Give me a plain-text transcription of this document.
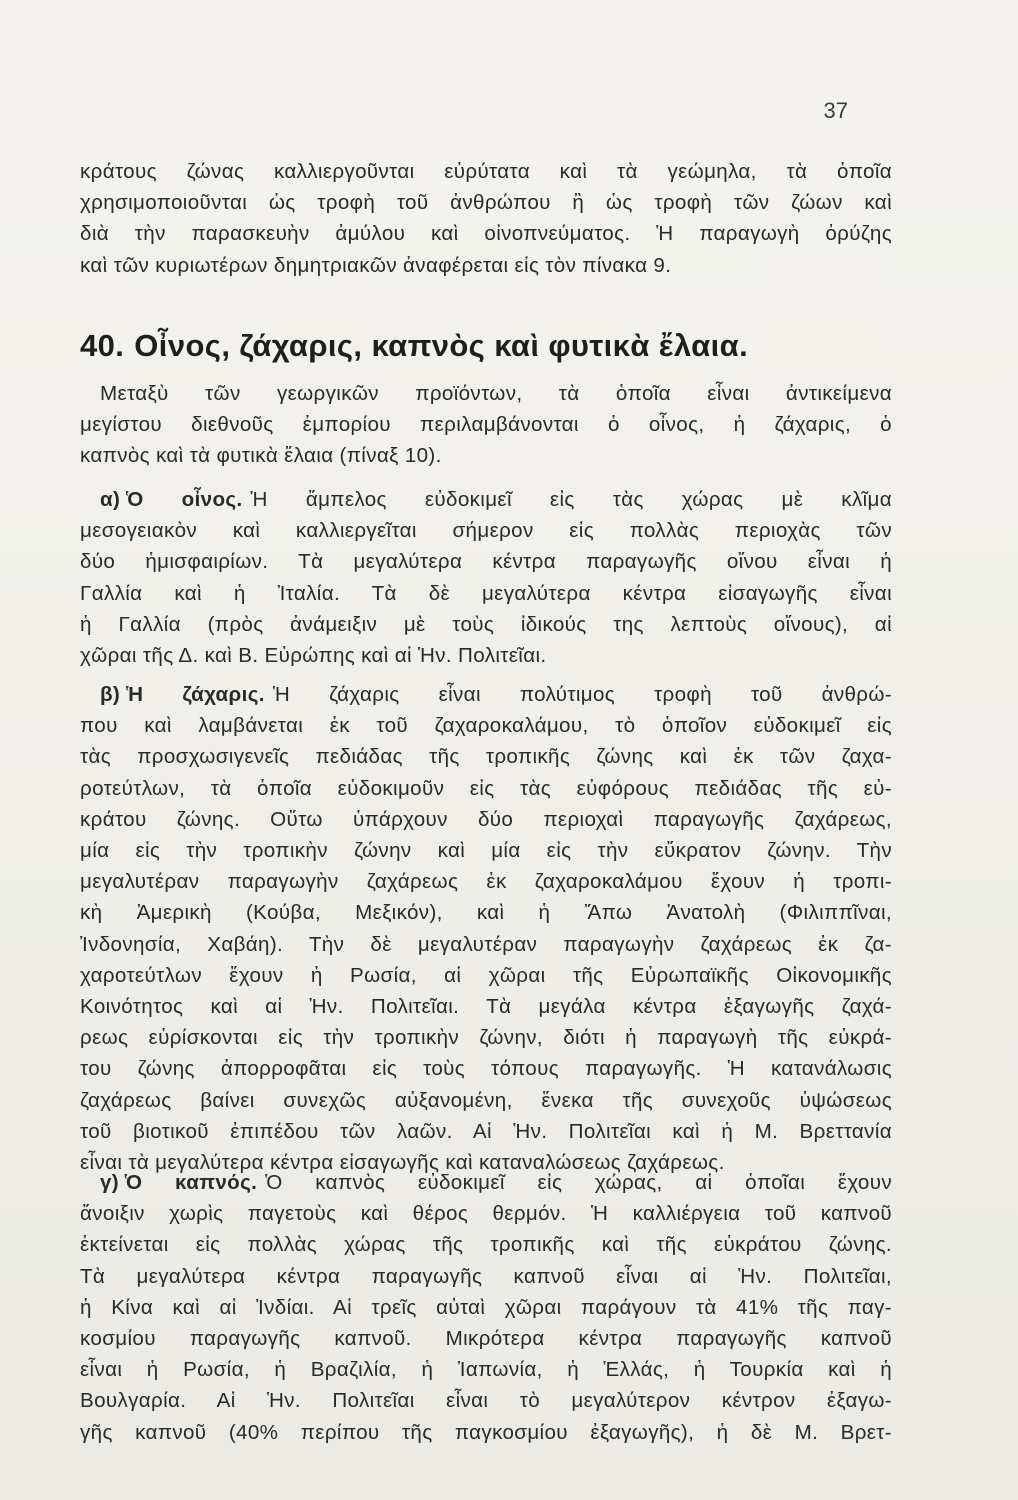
37
κράτους ζώνας καλλιεργοῦνται εὐρύτατα καὶ τὰ γεώμηλα, τὰ ὁποῖα
χρησιμοποιοῦνται ὡς τροφὴ τοῦ ἀνθρώπου ἢ ὡς τροφὴ τῶν ζώων καὶ
διὰ τὴν παρασκευὴν ἀμύλου καὶ οἰνοπνεύματος. Ἡ παραγωγὴ ὀρύζης
καὶ τῶν κυριωτέρων δημητριακῶν ἀναφέρεται εἰς τὸν πίνακα 9.
40. Οἶνος, ζάχαρις, καπνὸς καὶ φυτικὰ ἔλαια.
Μεταξὺ τῶν γεωργικῶν προϊόντων, τὰ ὁποῖα εἶναι ἀντικείμενα
μεγίστου διεθνοῦς ἐμπορίου περιλαμβάνονται ὁ οἶνος, ἡ ζάχαρις, ὁ
καπνὸς καὶ τὰ φυτικὰ ἔλαια (πίναξ 10).
α) Ὁ οἶνος. Ἡ ἄμπελος εὐδοκιμεῖ εἰς τὰς χώρας μὲ κλῖμα
μεσογειακὸν καὶ καλλιεργεῖται σήμερον εἰς πολλὰς περιοχὰς τῶν
δύο ἡμισφαιρίων. Τὰ μεγαλύτερα κέντρα παραγωγῆς οἴνου εἶναι ἡ
Γαλλία καὶ ἡ Ἰταλία. Τὰ δὲ μεγαλύτερα κέντρα εἰσαγωγῆς εἶναι
ἡ Γαλλία (πρὸς ἀνάμειξιν μὲ τοὺς ἰδικούς της λεπτοὺς οἴνους), αἱ
χῶραι τῆς Δ. καὶ Β. Εὐρώπης καὶ αἱ Ἡν. Πολιτεῖαι.
β) Ἡ ζάχαρις. Ἡ ζάχαρις εἶναι πολύτιμος τροφὴ τοῦ ἀνθρώ-
που καὶ λαμβάνεται ἐκ τοῦ ζαχαροκαλάμου, τὸ ὁποῖον εὐδοκιμεῖ εἰς
τὰς προσχωσιγενεῖς πεδιάδας τῆς τροπικῆς ζώνης καὶ ἐκ τῶν ζαχα-
ροτεύτλων, τὰ ὁποῖα εὐδοκιμοῦν εἰς τὰς εὐφόρους πεδιάδας τῆς εὐ-
κράτου ζώνης. Οὕτω ὑπάρχουν δύο περιοχαὶ παραγωγῆς ζαχάρεως,
μία εἰς τὴν τροπικὴν ζώνην καὶ μία εἰς τὴν εὔκρατον ζώνην. Τὴν
μεγαλυτέραν παραγωγὴν ζαχάρεως ἐκ ζαχαροκαλάμου ἔχουν ἡ τροπι-
κὴ Ἀμερικὴ (Κούβα, Μεξικόν), καὶ ἡ Ἄπω Ἀνατολὴ (Φιλιππῖναι,
Ἰνδονησία, Χαβάη). Τὴν δὲ μεγαλυτέραν παραγωγὴν ζαχάρεως ἐκ ζα-
χαροτεύτλων ἔχουν ἡ Ρωσία, αἱ χῶραι τῆς Εὐρωπαϊκῆς Οἰκονομικῆς
Κοινότητος καὶ αἱ Ἡν. Πολιτεῖαι. Τὰ μεγάλα κέντρα ἐξαγωγῆς ζαχά-
ρεως εὑρίσκονται εἰς τὴν τροπικὴν ζώνην, διότι ἡ παραγωγὴ τῆς εὐκρά-
του ζώνης ἀπορροφᾶται εἰς τοὺς τόπους παραγωγῆς. Ἡ κατανάλωσις
ζαχάρεως βαίνει συνεχῶς αὐξανομένη, ἕνεκα τῆς συνεχοῦς ὑψώσεως
τοῦ βιοτικοῦ ἐπιπέδου τῶν λαῶν. Αἱ Ἡν. Πολιτεῖαι καὶ ἡ Μ. Βρεττανία
εἶναι τὰ μεγαλύτερα κέντρα εἰσαγωγῆς καὶ καταναλώσεως ζαχάρεως.
γ) Ὁ καπνός. Ὁ καπνὸς εὐδοκιμεῖ εἰς χώρας, αἱ ὁποῖαι ἔχουν
ἄνοιξιν χωρὶς παγετοὺς καὶ θέρος θερμόν. Ἡ καλλιέργεια τοῦ καπνοῦ
ἐκτείνεται εἰς πολλὰς χώρας τῆς τροπικῆς καὶ τῆς εὐκράτου ζώνης.
Τὰ μεγαλύτερα κέντρα παραγωγῆς καπνοῦ εἶναι αἱ Ἡν. Πολιτεῖαι,
ἡ Κίνα καὶ αἱ Ἰνδίαι. Αἱ τρεῖς αὐταὶ χῶραι παράγουν τὰ 41% τῆς παγ-
κοσμίου παραγωγῆς καπνοῦ. Μικρότερα κέντρα παραγωγῆς καπνοῦ
εἶναι ἡ Ρωσία, ἡ Βραζιλία, ἡ Ἰαπωνία, ἡ Ἑλλάς, ἡ Τουρκία καὶ ἡ
Βουλγαρία. Αἱ Ἡν. Πολιτεῖαι εἶναι τὸ μεγαλύτερον κέντρον ἐξαγω-
γῆς καπνοῦ (40% περίπου τῆς παγκοσμίου ἐξαγωγῆς), ἡ δὲ Μ. Βρετ-
